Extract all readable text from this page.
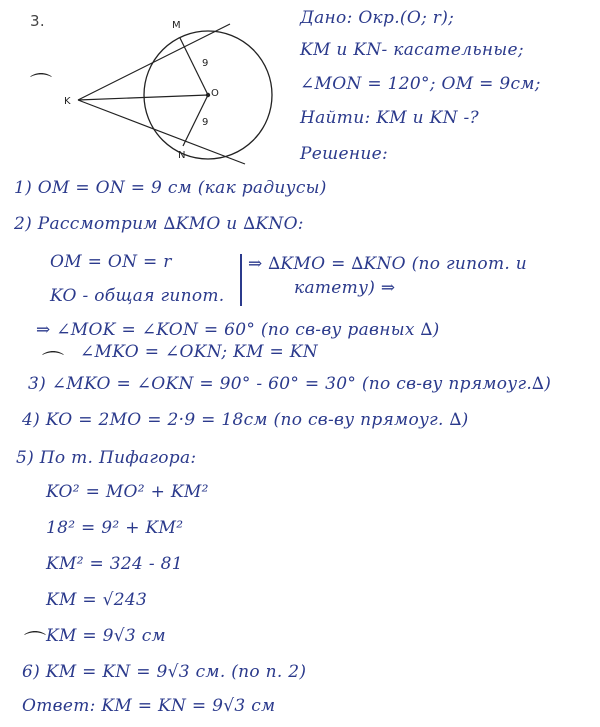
3.	M
N
K
O
9
9
⌒
⌒
⌒
Дано: Окр.(О; r);
KM и KN- касательные;
∠MON = 120°; OM = 9см;
Найти: KM и KN -?
Решение:
1) OM = ON = 9 см (как радиусы)
2) Рассмотрим ∆KMO и ∆KNO:
OM = ON = r
KO - общая гипот.
⇒ ∆KMO = ∆KNO (по гипот. и
катету) ⇒
⇒ ∠MOK = ∠KON = 60° (по св-ву равных ∆)
∠MKO = ∠OKN; KM = KN
3) ∠MKO = ∠OKN = 90° - 60° = 30° (по св-ву прямоуг.∆)
4) KO = 2MO = 2·9 = 18см (по св-ву прямоуг. ∆)
5) По т. Пифагора:
KO² = MO² + KM²
18² = 9² + KM²
KM² = 324 - 81
KM = √243
KM = 9√3 см
6) KM = KN = 9√3 см. (по п. 2)
Ответ: KM = KN = 9√3 см
